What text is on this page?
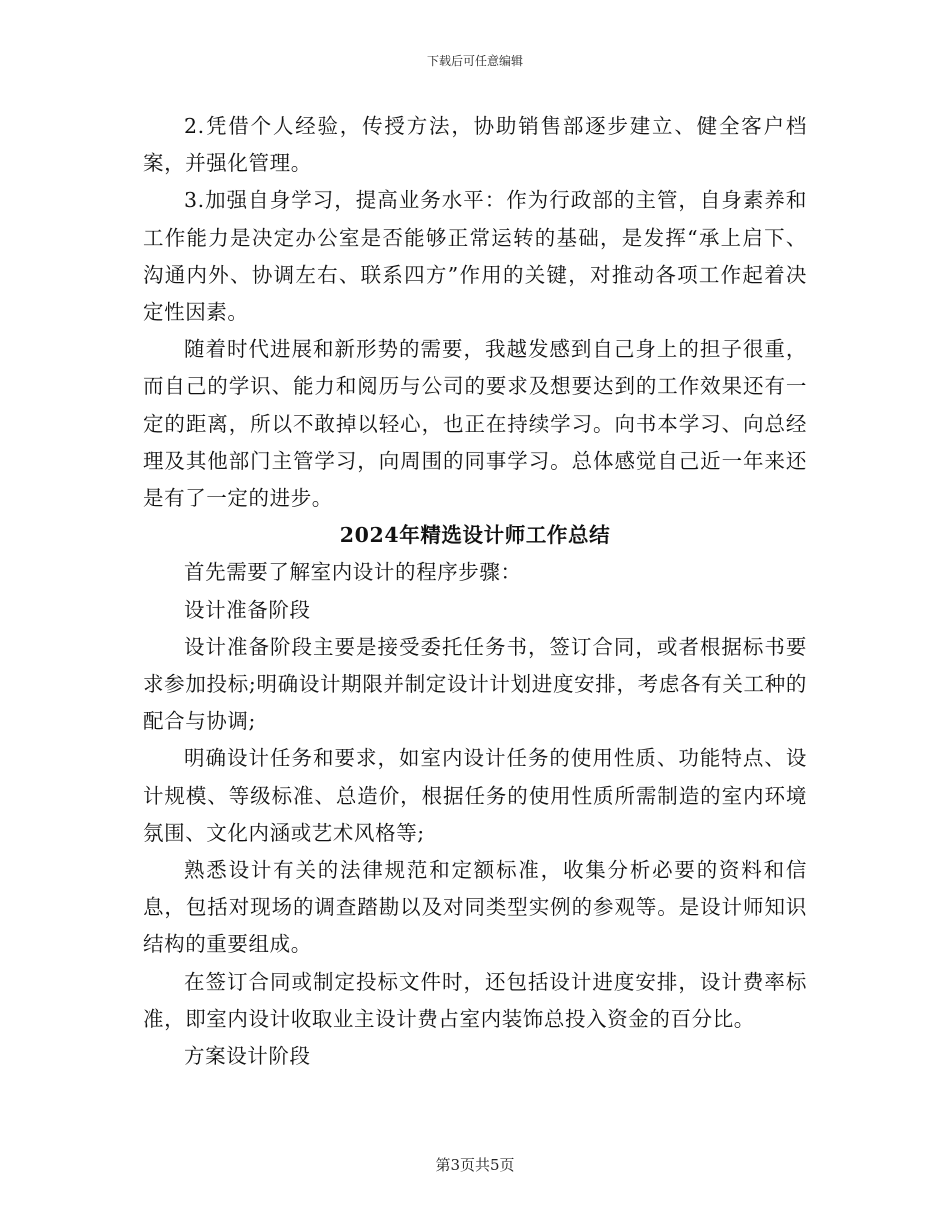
下载后可任意编辑

2.凭借个人经验，传授方法，协助销售部逐步建立、健全客户档案，并强化管理。

3.加强自身学习，提高业务水平：作为行政部的主管，自身素养和工作能力是决定办公室是否能够正常运转的基础，是发挥“承上启下、沟通内外、协调左右、联系四方”作用的关键，对推动各项工作起着决定性因素。

随着时代进展和新形势的需要，我越发感到自己身上的担子很重，而自己的学识、能力和阅历与公司的要求及想要达到的工作效果还有一定的距离，所以不敢掉以轻心，也正在持续学习。向书本学习、向总经理及其他部门主管学习，向周围的同事学习。总体感觉自己近一年来还是有了一定的进步。

2024年精选设计师工作总结

首先需要了解室内设计的程序步骤：

设计准备阶段

设计准备阶段主要是接受委托任务书，签订合同，或者根据标书要求参加投标;明确设计期限并制定设计计划进度安排，考虑各有关工种的配合与协调;

明确设计任务和要求，如室内设计任务的使用性质、功能特点、设计规模、等级标准、总造价，根据任务的使用性质所需制造的室内环境氛围、文化内涵或艺术风格等;

熟悉设计有关的法律规范和定额标准，收集分析必要的资料和信息，包括对现场的调查踏勘以及对同类型实例的参观等。是设计师知识结构的重要组成。

在签订合同或制定投标文件时，还包括设计进度安排，设计费率标准，即室内设计收取业主设计费占室内装饰总投入资金的百分比。

方案设计阶段

第3页共5页
